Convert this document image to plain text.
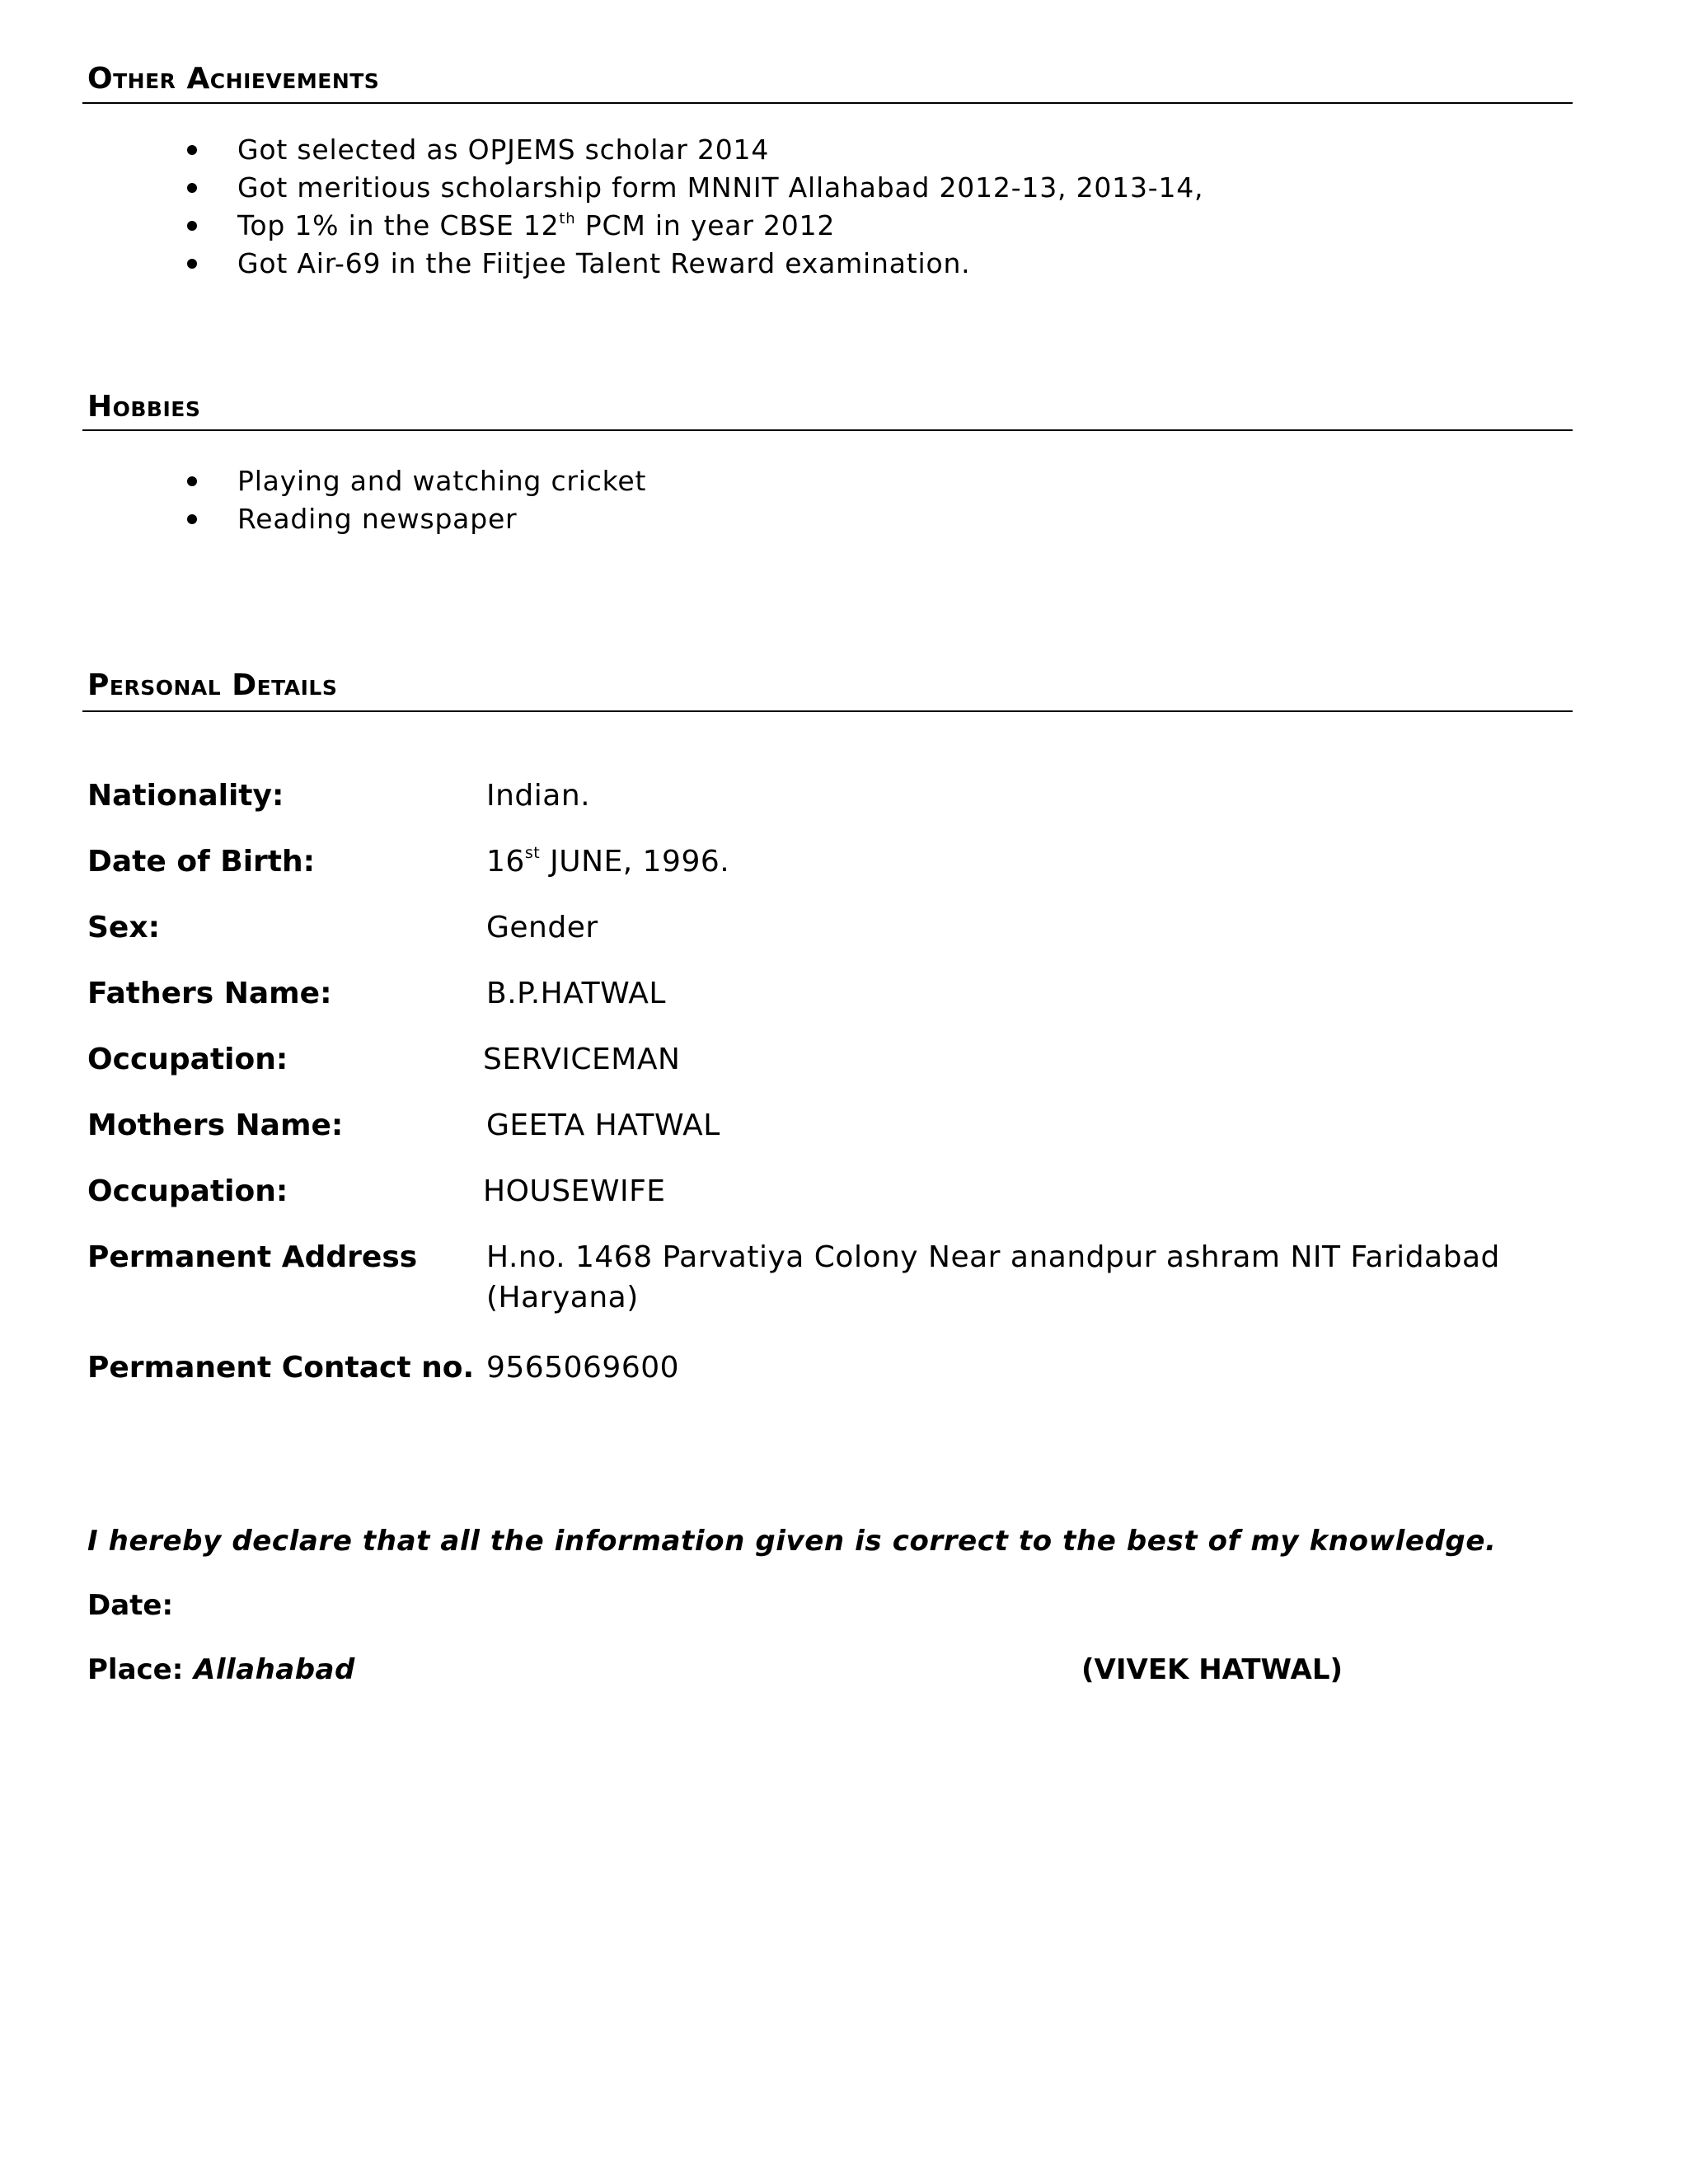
Other Achievements
Got selected as OPJEMS scholar 2014
Got meritious scholarship form MNNIT Allahabad 2012-13, 2013-14,
Top 1% in the CBSE 12th PCM in year 2012
Got Air-69 in the Fiitjee Talent Reward examination.
Hobbies
Playing and watching cricket
Reading newspaper
Personal Details
Nationality:	Indian.
Date of Birth:	16st JUNE, 1996.
Sex:	Gender
Fathers Name:	B.P.HATWAL
Occupation:	SERVICEMAN
Mothers Name:	GEETA HATWAL
Occupation:	HOUSEWIFE
Permanent Address H.no. 1468 Parvatiya Colony Near anandpur ashram NIT Faridabad
(Haryana)
Permanent Contact no. 9565069600
I hereby declare that all the information given is correct to the best of my knowledge.
Date:
Place: Allahabad	(VIVEK HATWAL)
